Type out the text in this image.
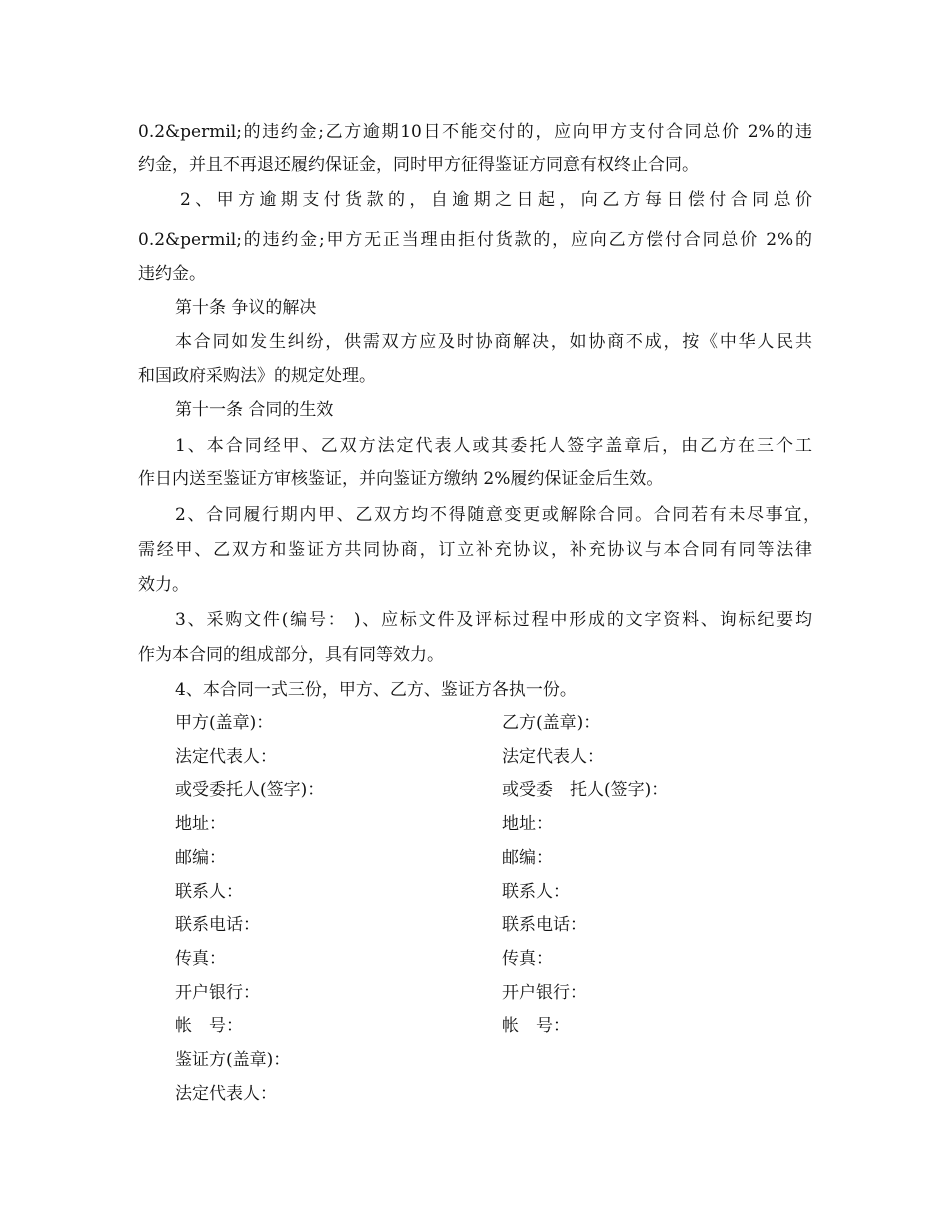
0.2&permil;的违约金;乙方逾期10日不能交付的，应向甲方支付合同总价 2%的违
约金，并且不再退还履约保证金，同时甲方征得鉴证方同意有权终止合同。
2、甲方逾期支付货款的，自逾期之日起，向乙方每日偿付合同总价
0.2&permil;的违约金;甲方无正当理由拒付货款的，应向乙方偿付合同总价 2%的
违约金。
第十条 争议的解决
本合同如发生纠纷，供需双方应及时协商解决，如协商不成，按《中华人民共
和国政府采购法》的规定处理。
第十一条 合同的生效
1、本合同经甲、乙双方法定代表人或其委托人签字盖章后，由乙方在三个工
作日内送至鉴证方审核鉴证，并向鉴证方缴纳 2%履约保证金后生效。
2、合同履行期内甲、乙双方均不得随意变更或解除合同。合同若有未尽事宜，
需经甲、乙双方和鉴证方共同协商，订立补充协议，补充协议与本合同有同等法律
效力。
3、采购文件(编号： )、应标文件及评标过程中形成的文字资料、询标纪要均
作为本合同的组成部分，具有同等效力。
4、本合同一式三份，甲方、乙方、鉴证方各执一份。
甲方(盖章)：
法定代表人：
或受委托人(签字)：
地址：
邮编：
联系人：
联系电话：
传真：
开户银行：
帐　号：
乙方(盖章)：
法定代表人：
或受委　托人(签字)：
地址：
邮编：
联系人：
联系电话：
传真：
开户银行：
帐　号：
鉴证方(盖章)：
法定代表人：
